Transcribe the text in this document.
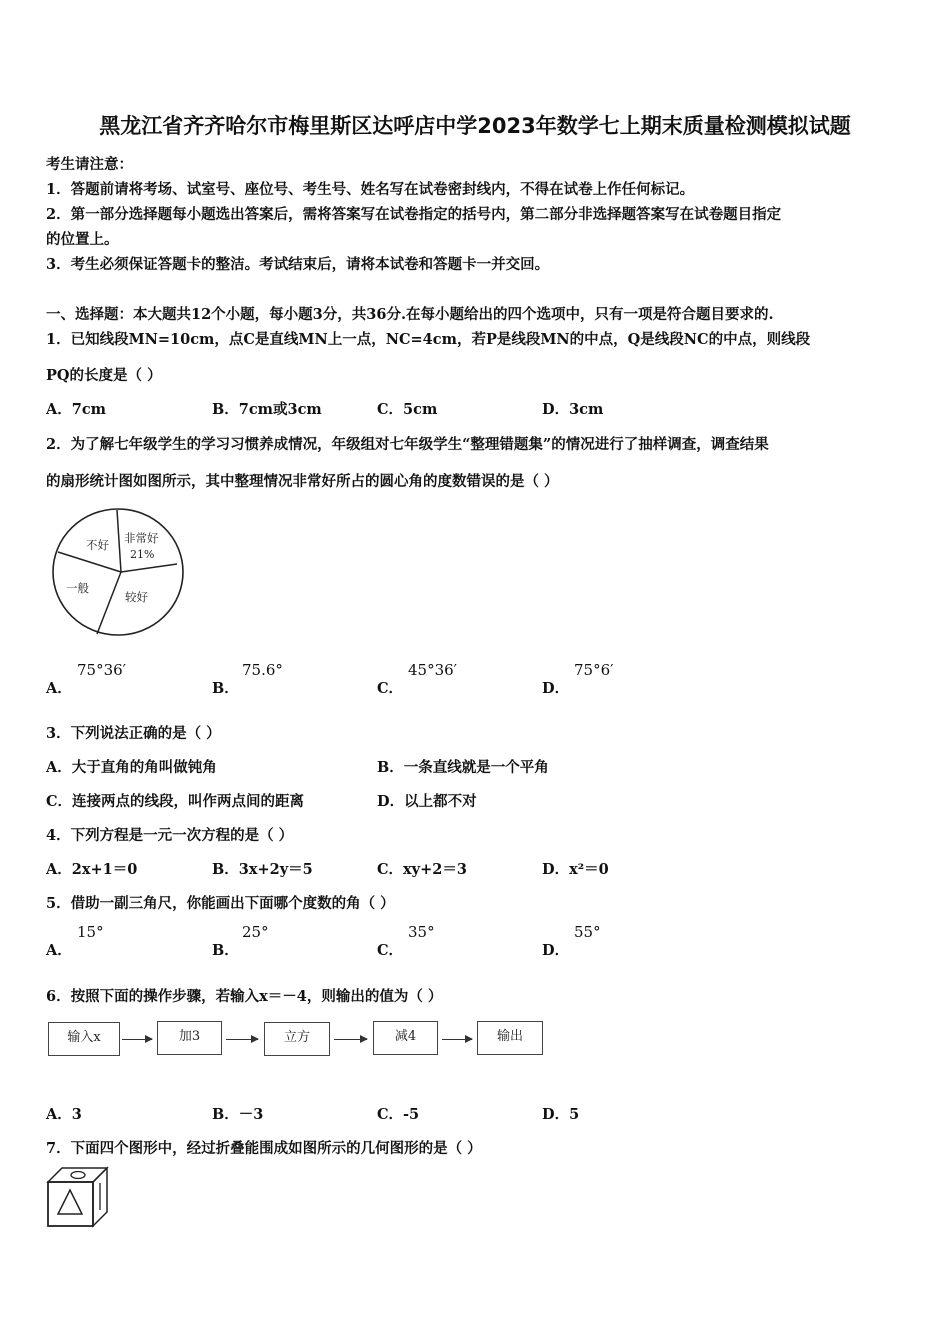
黑龙江省齐齐哈尔市梅里斯区达呼店中学2023年数学七上期末质量检测模拟试题
考生请注意：
1．答题前请将考场、试室号、座位号、考生号、姓名写在试卷密封线内，不得在试卷上作任何标记。
2．第一部分选择题每小题选出答案后，需将答案写在试卷指定的括号内，第二部分非选择题答案写在试卷题目指定
的位置上。
3．考生必须保证答题卡的整洁。考试结束后，请将本试卷和答题卡一并交回。
一、选择题：本大题共12个小题，每小题3分，共36分.在每小题给出的四个选项中，只有一项是符合题目要求的.
1．已知线段MN=10cm，点C是直线MN上一点，NC=4cm，若P是线段MN的中点，Q是线段NC的中点，则线段
PQ的长度是（ ）
A．7cm	B．7cm或3cm	C．5cm	D．3cm
2．为了解七年级学生的学习习惯养成情况，年级组对七年级学生“整理错题集”的情况进行了抽样调查，调查结果
的扇形统计图如图所示，其中整理情况非常好所占的圆心角的度数错误的是（ ）
不好 非常好
21%
一般
较好
A．
75°36′
B．
75.6°
C．
45°36′
D．
75°6′
3．下列说法正确的是（ ）
A．大于直角的角叫做钝角	B．一条直线就是一个平角
C．连接两点的线段，叫作两点间的距离	D．以上都不对
4．下列方程是一元一次方程的是（ ）
A．2x+1＝0	B．3x+2y＝5	C．xy+2＝3	D．x²＝0
5．借助一副三角尺，你能画出下面哪个度数的角（ ）
A．
15°
B．
25°
C．
35°
D．
55°
6．按照下面的操作步骤，若输入x＝－4，则输出的值为（ ）
输入x	加3	立方	减4	输出
A．3	B．－3	C．-5	D．5
7．下面四个图形中，经过折叠能围成如图所示的几何图形的是（ ）
